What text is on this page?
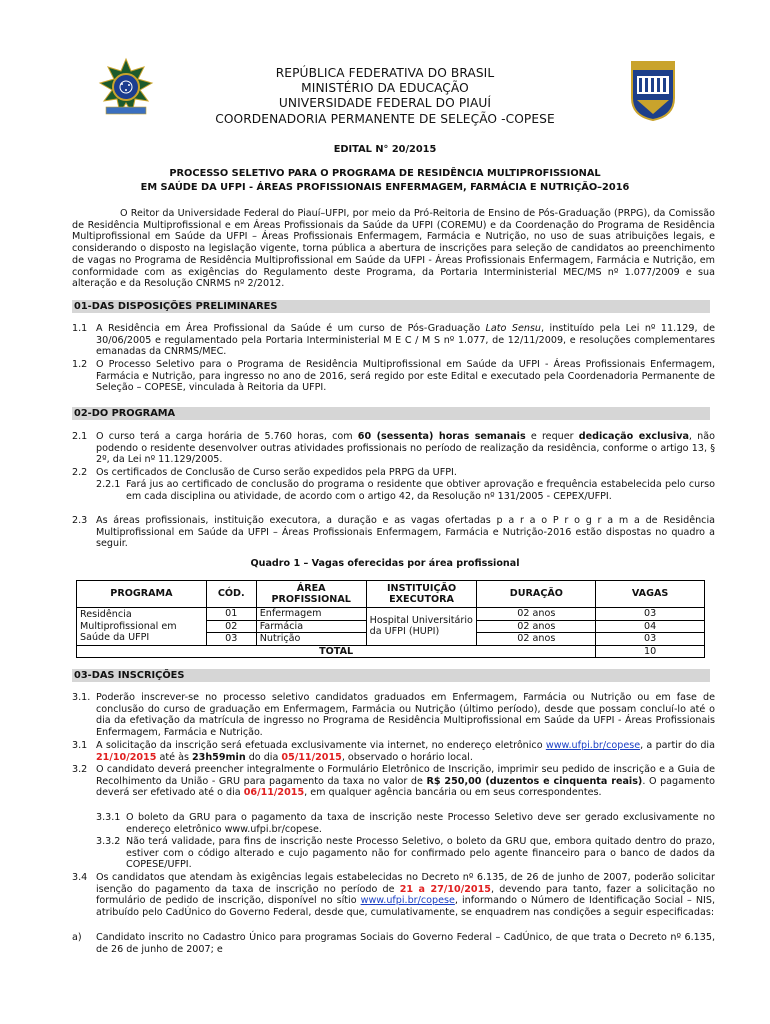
REPÚBLICA FEDERATIVA DO BRASIL
MINISTÉRIO DA EDUCAÇÃO
UNIVERSIDADE FEDERAL DO PIAUÍ
COORDENADORIA PERMANENTE DE SELEÇÃO -COPESE
EDITAL N° 20/2015
PROCESSO SELETIVO PARA O PROGRAMA DE RESIDÊNCIA MULTIPROFISSIONAL
EM SAÚDE DA UFPI - ÁREAS PROFISSIONAIS ENFERMAGEM, FARMÁCIA E NUTRIÇÃO–2016
O Reitor da Universidade Federal do Piauí–UFPI, por meio da Pró-Reitoria de Ensino de Pós-Graduação (PRPG), da Comissão de Residência Multiprofissional e em Áreas Profissionais da Saúde da UFPI (COREMU) e da Coordenação do Programa de Residência Multiprofissional em Saúde da UFPI – Áreas Profissionais Enfermagem, Farmácia e Nutrição, no uso de suas atribuições legais, e considerando o disposto na legislação vigente, torna pública a abertura de inscrições para seleção de candidatos ao preenchimento de vagas no Programa de Residência Multiprofissional em Saúde da UFPI - Áreas Profissionais Enfermagem, Farmácia e Nutrição, em conformidade com as exigências do Regulamento deste Programa, da Portaria Interministerial MEC/MS nº 1.077/2009 e sua alteração e da Resolução CNRMS nº 2/2012.
01-DAS DISPOSIÇÕES PRELIMINARES
1.1 A Residência em Área Profissional da Saúde é um curso de Pós-Graduação Lato Sensu, instituído pela Lei nº 11.129, de 30/06/2005 e regulamentado pela Portaria Interministerial M E C / M S nº 1.077, de 12/11/2009, e resoluções complementares emanadas da CNRMS/MEC.
1.2 O Processo Seletivo para o Programa de Residência Multiprofissional em Saúde da UFPI - Áreas Profissionais Enfermagem, Farmácia e Nutrição, para ingresso no ano de 2016, será regido por este Edital e executado pela Coordenadoria Permanente de Seleção – COPESE, vinculada à Reitoria da UFPI.
02-DO PROGRAMA
2.1 O curso terá a carga horária de 5.760 horas, com 60 (sessenta) horas semanais e requer dedicação exclusiva, não podendo o residente desenvolver outras atividades profissionais no período de realização da residência, conforme o artigo 13, § 2º, da Lei nº 11.129/2005.
2.2 Os certificados de Conclusão de Curso serão expedidos pela PRPG da UFPI.
2.2.1 Fará jus ao certificado de conclusão do programa o residente que obtiver aprovação e frequência estabelecida pelo curso em cada disciplina ou atividade, de acordo com o artigo 42, da Resolução nº 131/2005 - CEPEX/UFPI.
2.3 As áreas profissionais, instituição executora, a duração e as vagas ofertadas p a r a o P r o g r a m a de Residência Multiprofissional em Saúde da UFPI – Áreas Profissionais Enfermagem, Farmácia e Nutrição-2016 estão dispostas no quadro a seguir.
Quadro 1 – Vagas oferecidas por área profissional
PROGRAMA	CÓD.	ÁREA PROFISSIONAL	INSTITUIÇÃO EXECUTORA	DURAÇÃO	VAGAS
Residência Multiprofissional em Saúde da UFPI	01	Enfermagem	Hospital Universitário da UFPI (HUPI)	02 anos	03
	02	Farmácia		02 anos	04
	03	Nutrição		02 anos	03
TOTAL					10
03-DAS INSCRIÇÕES
3.1. Poderão inscrever-se no processo seletivo candidatos graduados em Enfermagem, Farmácia ou Nutrição ou em fase de conclusão do curso de graduação em Enfermagem, Farmácia ou Nutrição (último período), desde que possam concluí-lo até o dia da efetivação da matrícula de ingresso no Programa de Residência Multiprofissional em Saúde da UFPI - Áreas Profissionais Enfermagem, Farmácia e Nutrição.
3.1 A solicitação da inscrição será efetuada exclusivamente via internet, no endereço eletrônico www.ufpi.br/copese, a partir do dia 21/10/2015 até às 23h59min do dia 05/11/2015, observado o horário local.
3.2 O candidato deverá preencher integralmente o Formulário Eletrônico de Inscrição, imprimir seu pedido de inscrição e a Guia de Recolhimento da União - GRU para pagamento da taxa no valor de R$ 250,00 (duzentos e cinquenta reais). O pagamento deverá ser efetivado até o dia 06/11/2015, em qualquer agência bancária ou em seus correspondentes.
3.3.1 O boleto da GRU para o pagamento da taxa de inscrição neste Processo Seletivo deve ser gerado exclusivamente no endereço eletrônico www.ufpi.br/copese.
3.3.2 Não terá validade, para fins de inscrição neste Processo Seletivo, o boleto da GRU que, embora quitado dentro do prazo, estiver com o código alterado e cujo pagamento não for confirmado pelo agente financeiro para o banco de dados da COPESE/UFPI.
3.4 Os candidatos que atendam às exigências legais estabelecidas no Decreto nº 6.135, de 26 de junho de 2007, poderão solicitar isenção do pagamento da taxa de inscrição no período de 21 a 27/10/2015, devendo para tanto, fazer a solicitação no formulário de pedido de inscrição, disponível no sítio www.ufpi.br/copese, informando o Número de Identificação Social – NIS, atribuído pelo CadÚnico do Governo Federal, desde que, cumulativamente, se enquadrem nas condições a seguir especificadas:
a)	Candidato inscrito no Cadastro Único para programas Sociais do Governo Federal – CadÚnico, de que trata o Decreto nº 6.135, de 26 de junho de 2007; e
